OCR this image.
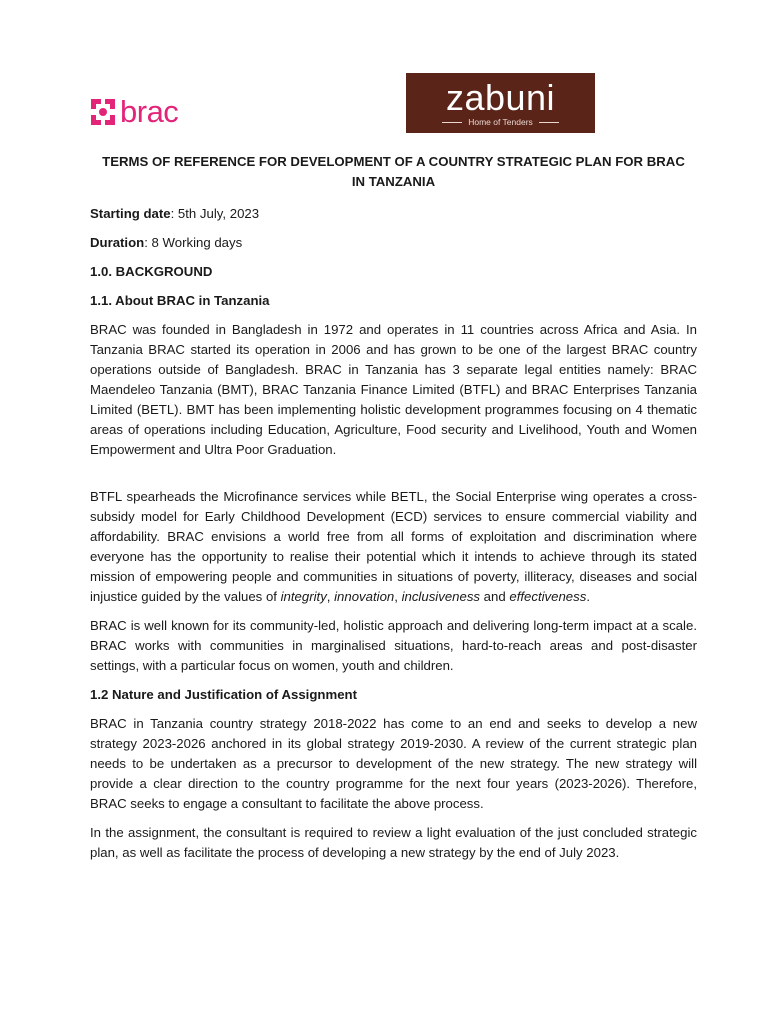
brac	zabuni
Home of Tenders
TERMS OF REFERENCE FOR DEVELOPMENT OF A COUNTRY STRATEGIC PLAN FOR BRAC IN TANZANIA
Starting date: 5th July, 2023
Duration: 8 Working days
1.0. BACKGROUND
1.1. About BRAC in Tanzania

BRAC was founded in Bangladesh in 1972 and operates in 11 countries across Africa and Asia. In Tanzania BRAC started its operation in 2006 and has grown to be one of the largest BRAC country operations outside of Bangladesh. BRAC in Tanzania has 3 separate legal entities namely: BRAC Maendeleo Tanzania (BMT), BRAC Tanzania Finance Limited (BTFL) and BRAC Enterprises Tanzania Limited (BETL). BMT has been implementing holistic development programmes focusing on 4 thematic areas of operations including Education, Agriculture, Food security and Livelihood, Youth and Women Empowerment and Ultra Poor Graduation.

BTFL spearheads the Microfinance services while BETL, the Social Enterprise wing operates a cross-subsidy model for Early Childhood Development (ECD) services to ensure commercial viability and affordability. BRAC envisions a world free from all forms of exploitation and discrimination where everyone has the opportunity to realise their potential which it intends to achieve through its stated mission of empowering people and communities in situations of poverty, illiteracy, diseases and social injustice guided by the values of integrity, innovation, inclusiveness and effectiveness.

BRAC is well known for its community-led, holistic approach and delivering long-term impact at a scale. BRAC works with communities in marginalised situations, hard-to-reach areas and post-disaster settings, with a particular focus on women, youth and children.

1.2 Nature and Justification of Assignment

BRAC in Tanzania country strategy 2018-2022 has come to an end and seeks to develop a new strategy 2023-2026 anchored in its global strategy 2019-2030. A review of the current strategic plan needs to be undertaken as a precursor to development of the new strategy. The new strategy will provide a clear direction to the country programme for the next four years (2023-2026). Therefore, BRAC seeks to engage a consultant to facilitate the above process.

In the assignment, the consultant is required to review a light evaluation of the just concluded strategic plan, as well as facilitate the process of developing a new strategy by the end of July 2023.
